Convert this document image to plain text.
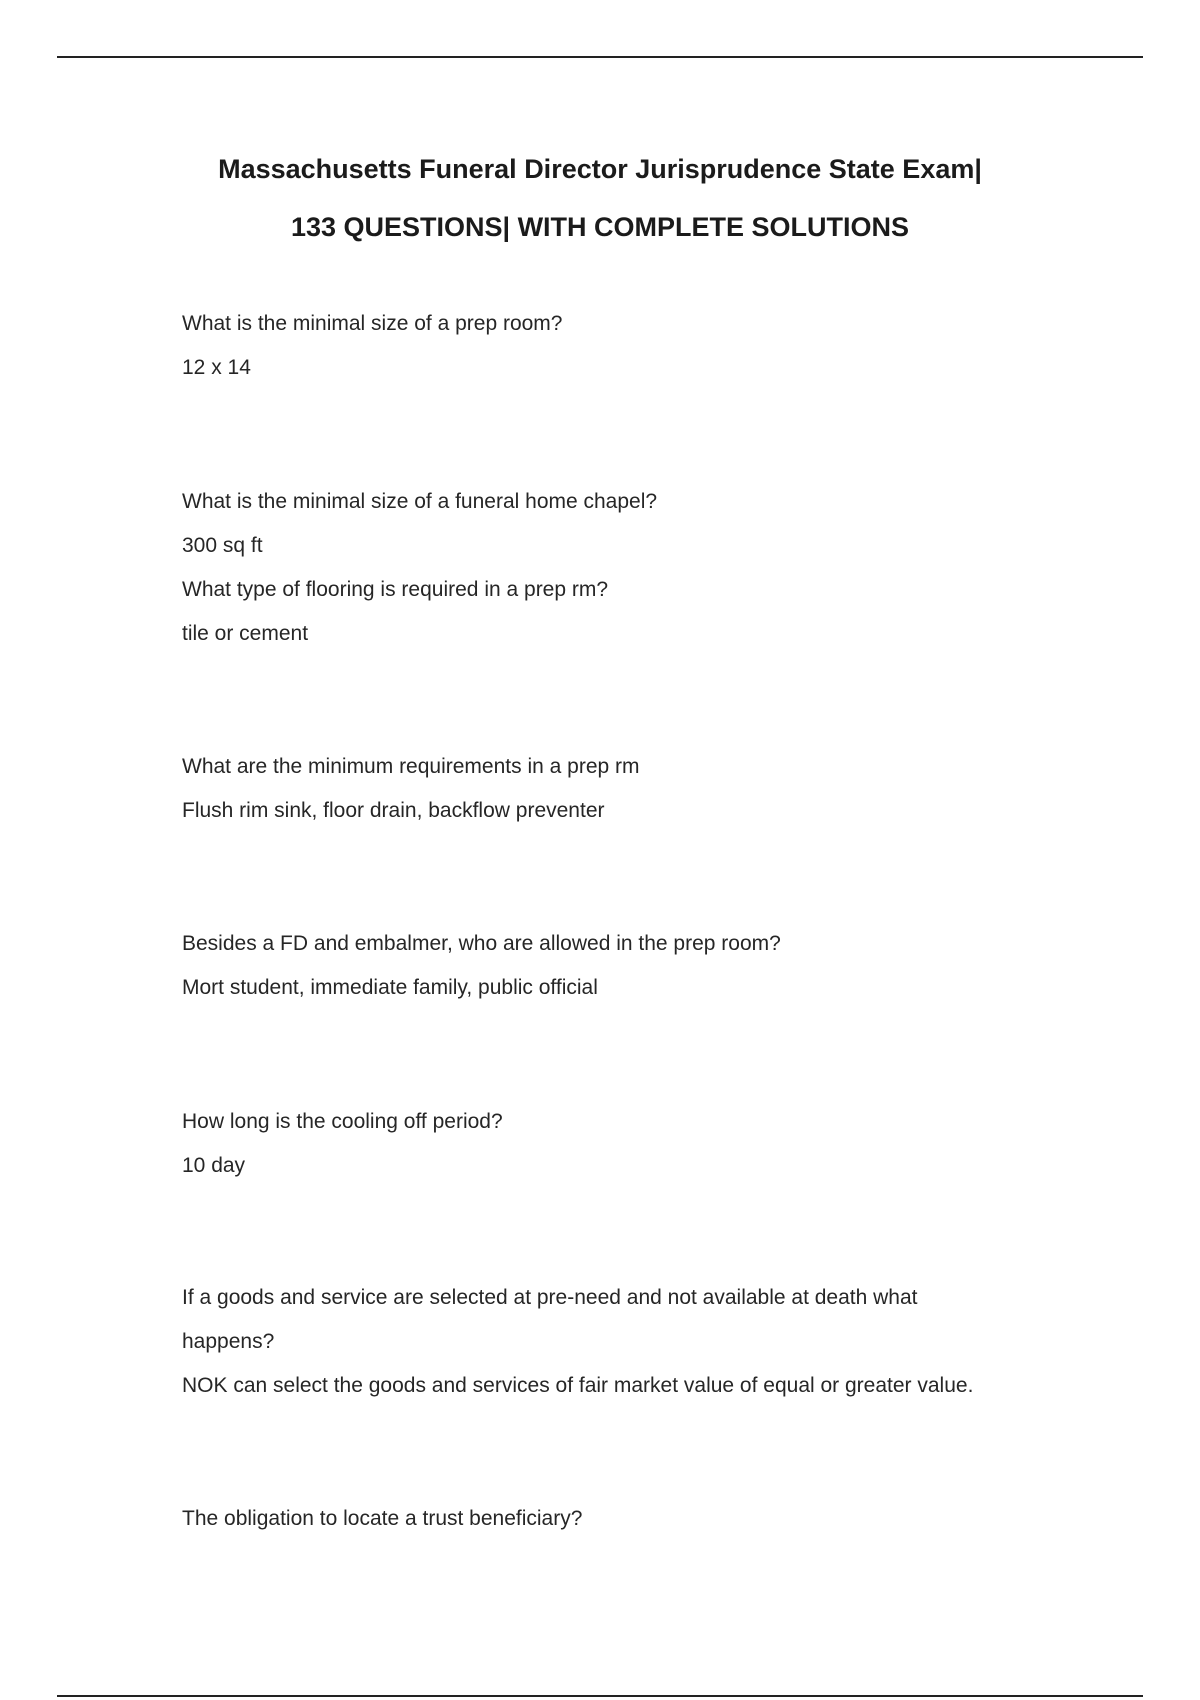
Massachusetts Funeral Director Jurisprudence State Exam|
133 QUESTIONS| WITH COMPLETE SOLUTIONS
What is the minimal size of a prep room?
12 x 14
What is the minimal size of a funeral home chapel?
300 sq ft
What type of flooring is required in a prep rm?
tile or cement
What are the minimum requirements in a prep rm
Flush rim sink, floor drain, backflow preventer
Besides a FD and embalmer, who are allowed in the prep room?
Mort student, immediate family, public official
How long is the cooling off period?
10 day
If a goods and service are selected at pre-need and not available at death what
happens?
NOK can select the goods and services of fair market value of equal or greater value.
The obligation to locate a trust beneficiary?
